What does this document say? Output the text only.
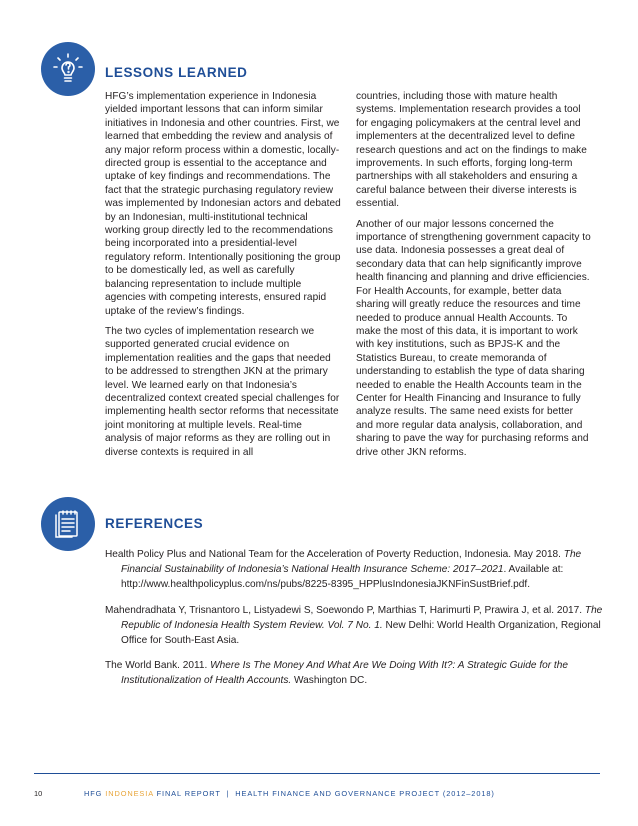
LESSONS LEARNED

HFG’s implementation experience in Indonesia yielded important lessons that can inform similar initiatives in Indonesia and other countries. First, we learned that embedding the review and analysis of any major reform process within a domestic, locally-directed group is essential to the acceptance and uptake of key findings and recommendations. The fact that the strategic purchasing regulatory review was implemented by Indonesian actors and debated by an Indonesian, multi-institutional technical working group directly led to the recommendations being incorporated into a presidential-level regulatory reform. Intentionally positioning the group to be domestically led, as well as carefully balancing representation to include multiple agencies with competing interests, ensured rapid uptake of the review’s findings.

The two cycles of implementation research we supported generated crucial evidence on implementation realities and the gaps that needed to be addressed to strengthen JKN at the primary level. We learned early on that Indonesia’s decentralized context created special challenges for implementing health sector reforms that necessitate joint monitoring at multiple levels. Real-time analysis of major reforms as they are rolling out in diverse contexts is required in all

countries, including those with mature health systems. Implementation research provides a tool for engaging policymakers at the central level and implementers at the decentralized level to define research questions and act on the findings to make improvements. In such efforts, forging long-term partnerships with all stakeholders and ensuring a careful balance between their diverse interests is essential.

Another of our major lessons concerned the importance of strengthening government capacity to use data. Indonesia possesses a great deal of secondary data that can help significantly improve health financing and planning and drive efficiencies. For Health Accounts, for example, better data sharing will greatly reduce the resources and time needed to produce annual Health Accounts. To make the most of this data, it is important to work with key institutions, such as BPJS-K and the Statistics Bureau, to create memoranda of understanding to establish the type of data sharing needed to enable the Health Accounts team in the Center for Health Financing and Insurance to fully analyze results. The same need exists for better and more regular data analysis, collaboration, and sharing to pave the way for purchasing reforms and drive other JKN reforms.

REFERENCES

Health Policy Plus and National Team for the Acceleration of Poverty Reduction, Indonesia. May 2018. The Financial Sustainability of Indonesia’s National Health Insurance Scheme: 2017–2021. Available at: http://www.healthpolicyplus.com/ns/pubs/8225-8395_HPPlusIndonesiaJKNFinSustBrief.pdf.

Mahendradhata Y, Trisnantoro L, Listyadewi S, Soewondo P, Marthias T, Harimurti P, Prawira J, et al. 2017. The Republic of Indonesia Health System Review. Vol. 7 No. 1. New Delhi: World Health Organization, Regional Office for South-East Asia.

The World Bank. 2011. Where Is The Money And What Are We Doing With It?: A Strategic Guide for the Institutionalization of Health Accounts. Washington DC.

10	HFG INDONESIA FINAL REPORT  |  HEALTH FINANCE AND GOVERNANCE PROJECT (2012–2018)
